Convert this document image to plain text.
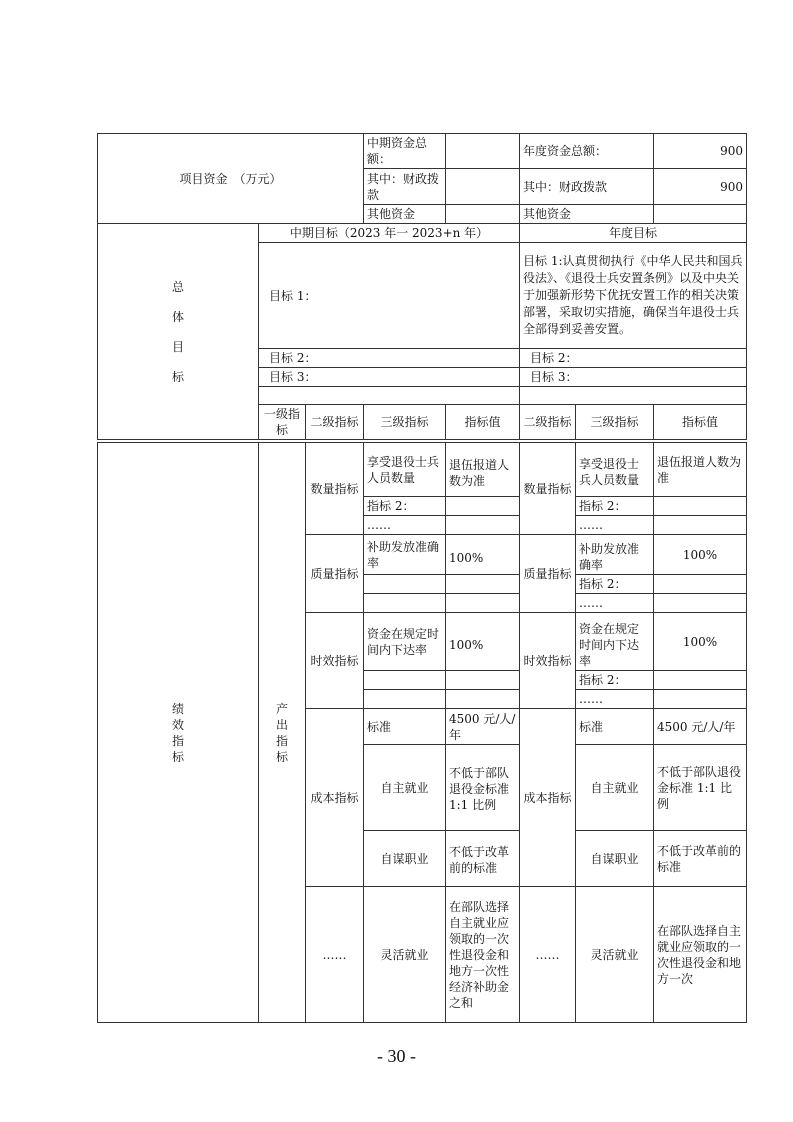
项目资金　（万元）			中期资金总额：		年度资金总额：		900
			其中：财政拨款		其中：财政拨款		900
			其他资金		其他资金		

总
体
目
标	中期目标（2023 年一 2023+n 年）				年度目标		
	目标 1：				目标 1:认真贯彻执行《中华人民共和国兵役法》、《退役士兵安置条例》以及中央关于加强新形势下优抚安置工作的相关决策部署，采取切实措施，确保当年退役士兵全部得到妥善安置。		
	目标 2：				目标 2：		
	目标 3：				目标 3：		

	一级指标	二级指标	三级指标	指标值	二级指标	三级指标	指标值
绩
效
指
标	产
出
指
标	数量指标	享受退役士兵人员数量	退伍报道人数为准	数量指标	享受退役士兵人员数量	退伍报道人数为准
			指标 2：			指标 2：	
			……			……	
		质量指标	补助发放准确率	100%	质量指标	补助发放准确率	100%
						指标 2：	
						……	
		时效指标	资金在规定时间内下达率	100%	时效指标	资金在规定时间内下达率	100%
						指标 2：	
						……	
		成本指标	标准	4500 元/人/年	成本指标	标准	4500 元/人/年
			自主就业	不低于部队退役金标准 1:1 比例		自主就业	不低于部队退役金标准 1:1 比例
			自谋职业	不低于改革前的标准		自谋职业	不低于改革前的标准
		……	灵活就业	在部队选择自主就业应领取的一次性退役金和地方一次性经济补助金之和	……	灵活就业	在部队选择自主就业应领取的一次性退役金和地方一次
- 30 -
